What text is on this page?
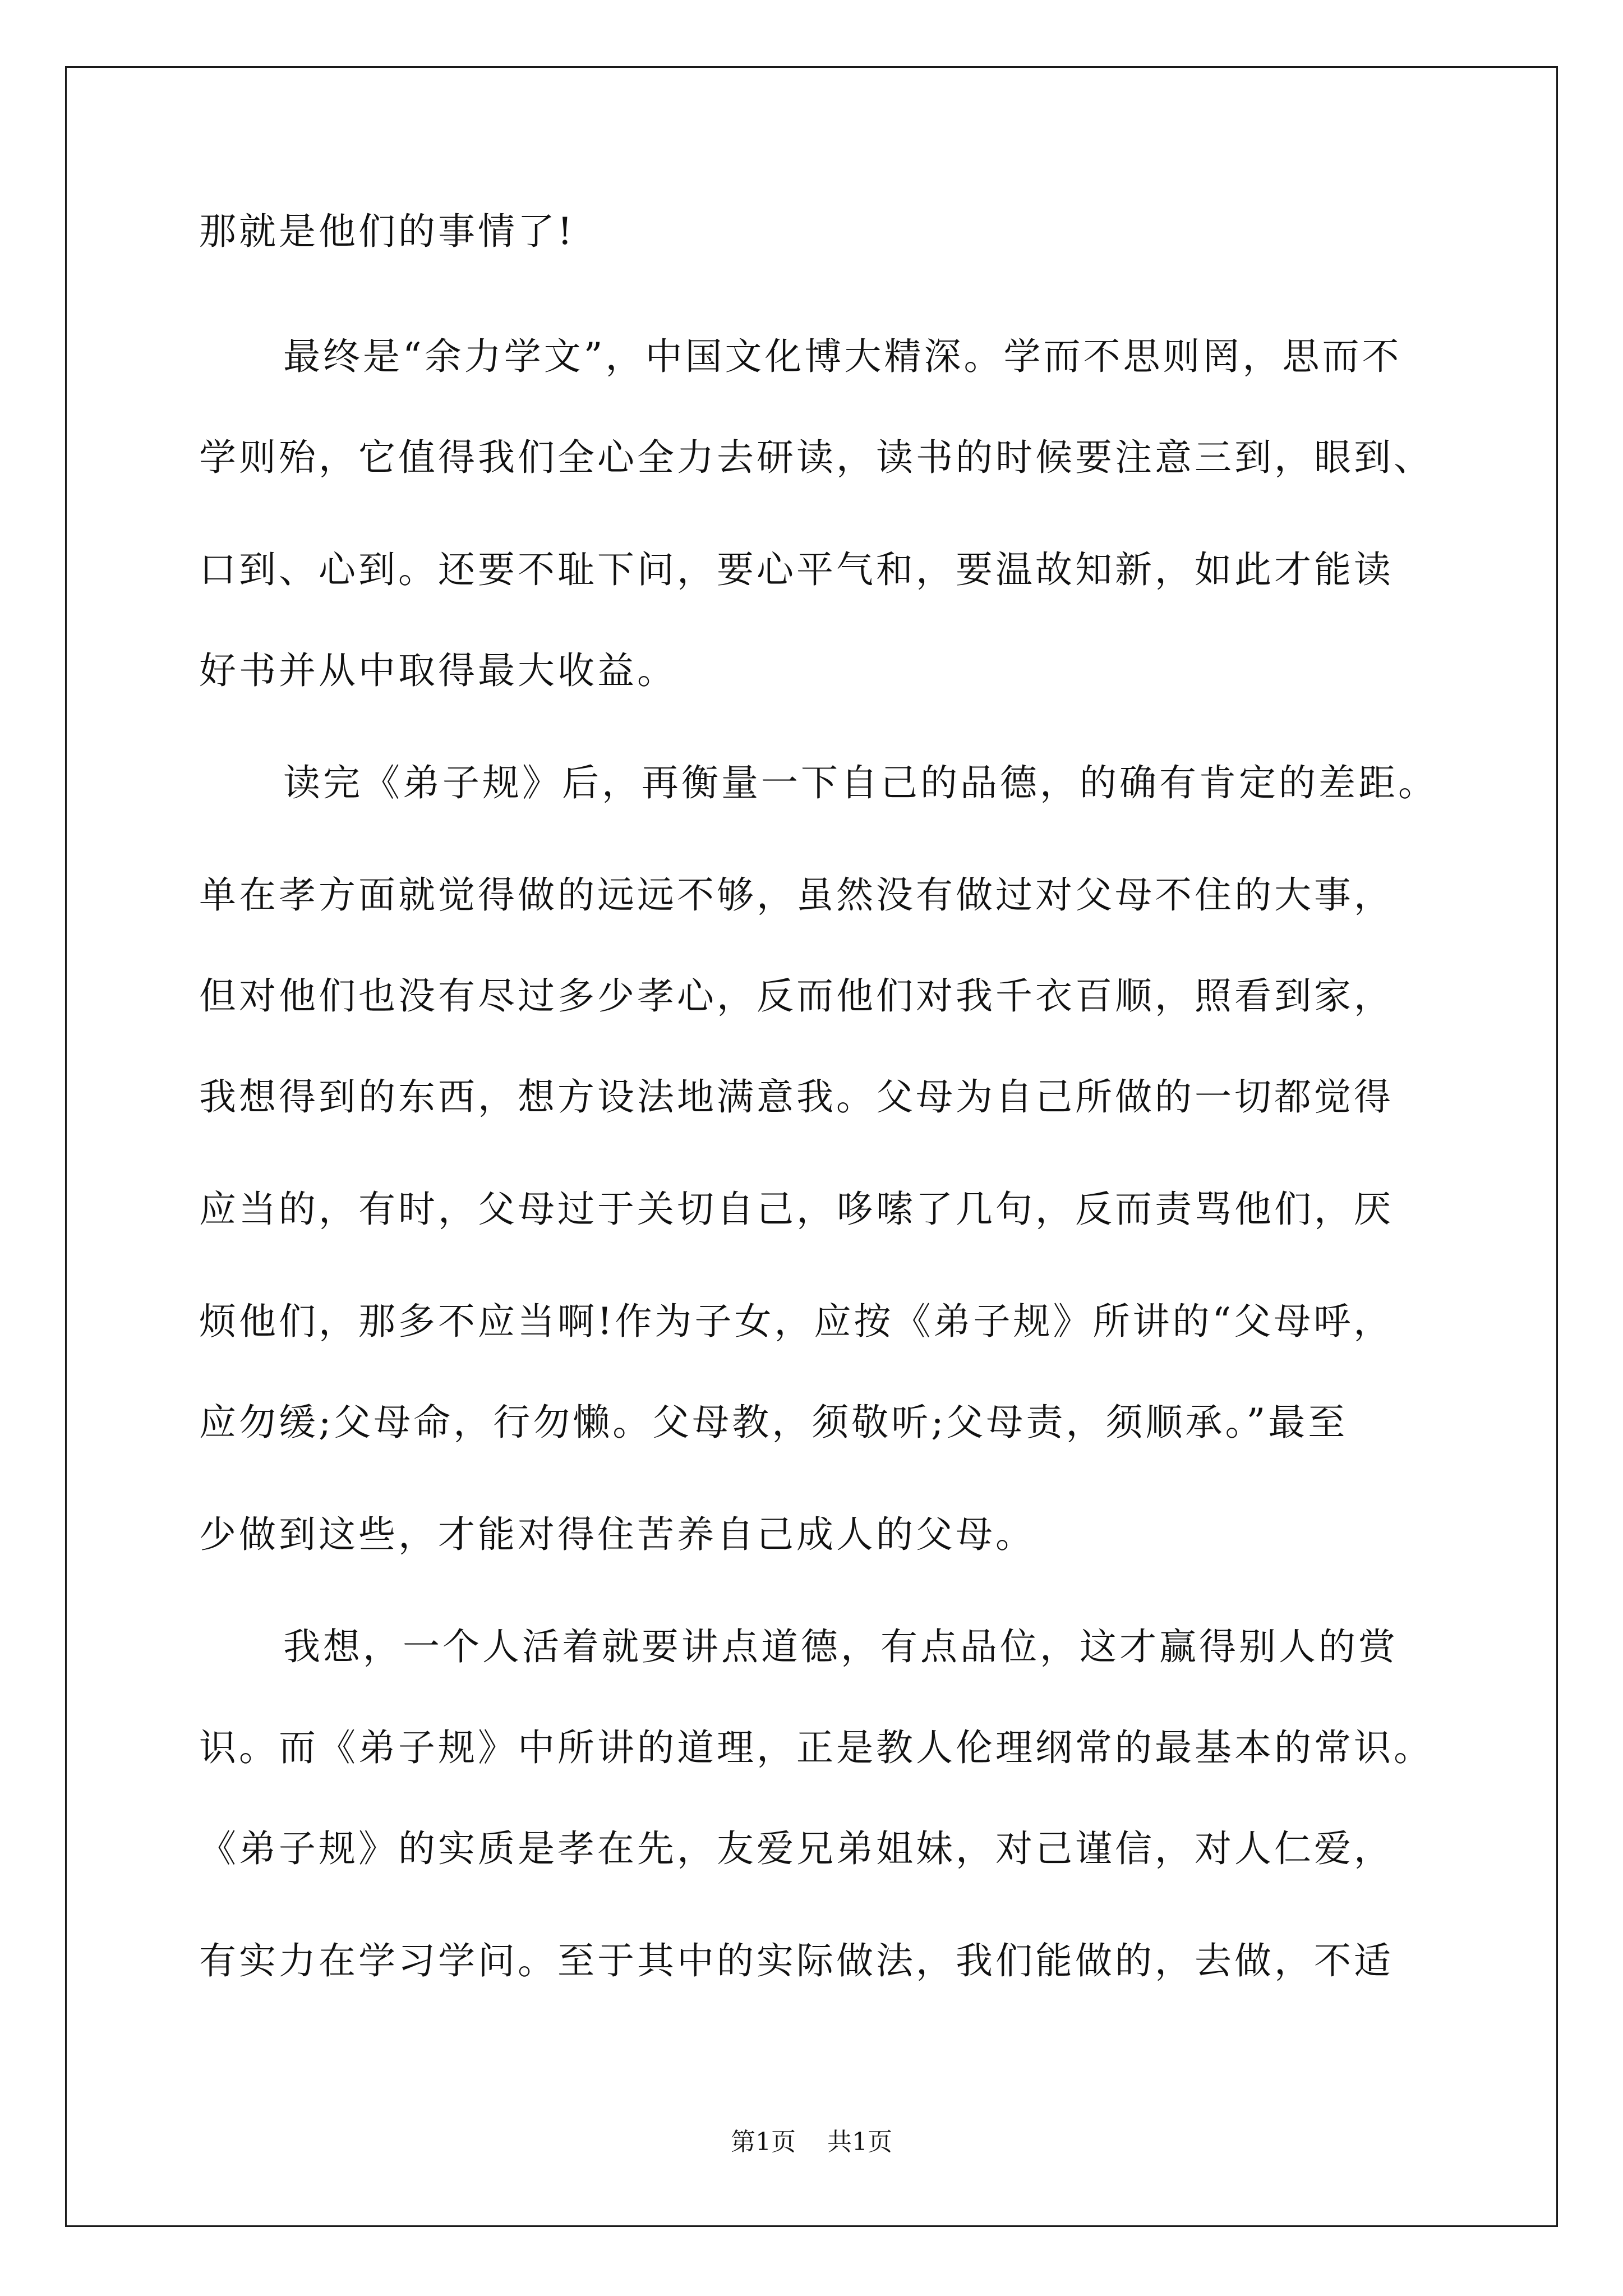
那就是他们的事情了!
最终是“余力学文”，中国文化博大精深。学而不思则罔，思而不
学则殆，它值得我们全心全力去研读，读书的时候要注意三到，眼到、
口到、心到。还要不耻下问，要心平气和，要温故知新，如此才能读
好书并从中取得最大收益。
读完《弟子规》后，再衡量一下自己的品德，的确有肯定的差距。
单在孝方面就觉得做的远远不够，虽然没有做过对父母不住的大事，
但对他们也没有尽过多少孝心，反而他们对我千衣百顺，照看到家，
我想得到的东西，想方设法地满意我。父母为自己所做的一切都觉得
应当的，有时，父母过于关切自己，哆嗦了几句，反而责骂他们，厌
烦他们，那多不应当啊!作为子女，应按《弟子规》所讲的“父母呼，
应勿缓;父母命，行勿懒。父母教，须敬听;父母责，须顺承。”最至
少做到这些，才能对得住苦养自己成人的父母。
我想，一个人活着就要讲点道德，有点品位，这才赢得别人的赏
识。而《弟子规》中所讲的道理，正是教人伦理纲常的最基本的常识。
《弟子规》的实质是孝在先，友爱兄弟姐妹，对己谨信，对人仁爱，
有实力在学习学问。至于其中的实际做法，我们能做的，去做，不适
第1页 共1页
